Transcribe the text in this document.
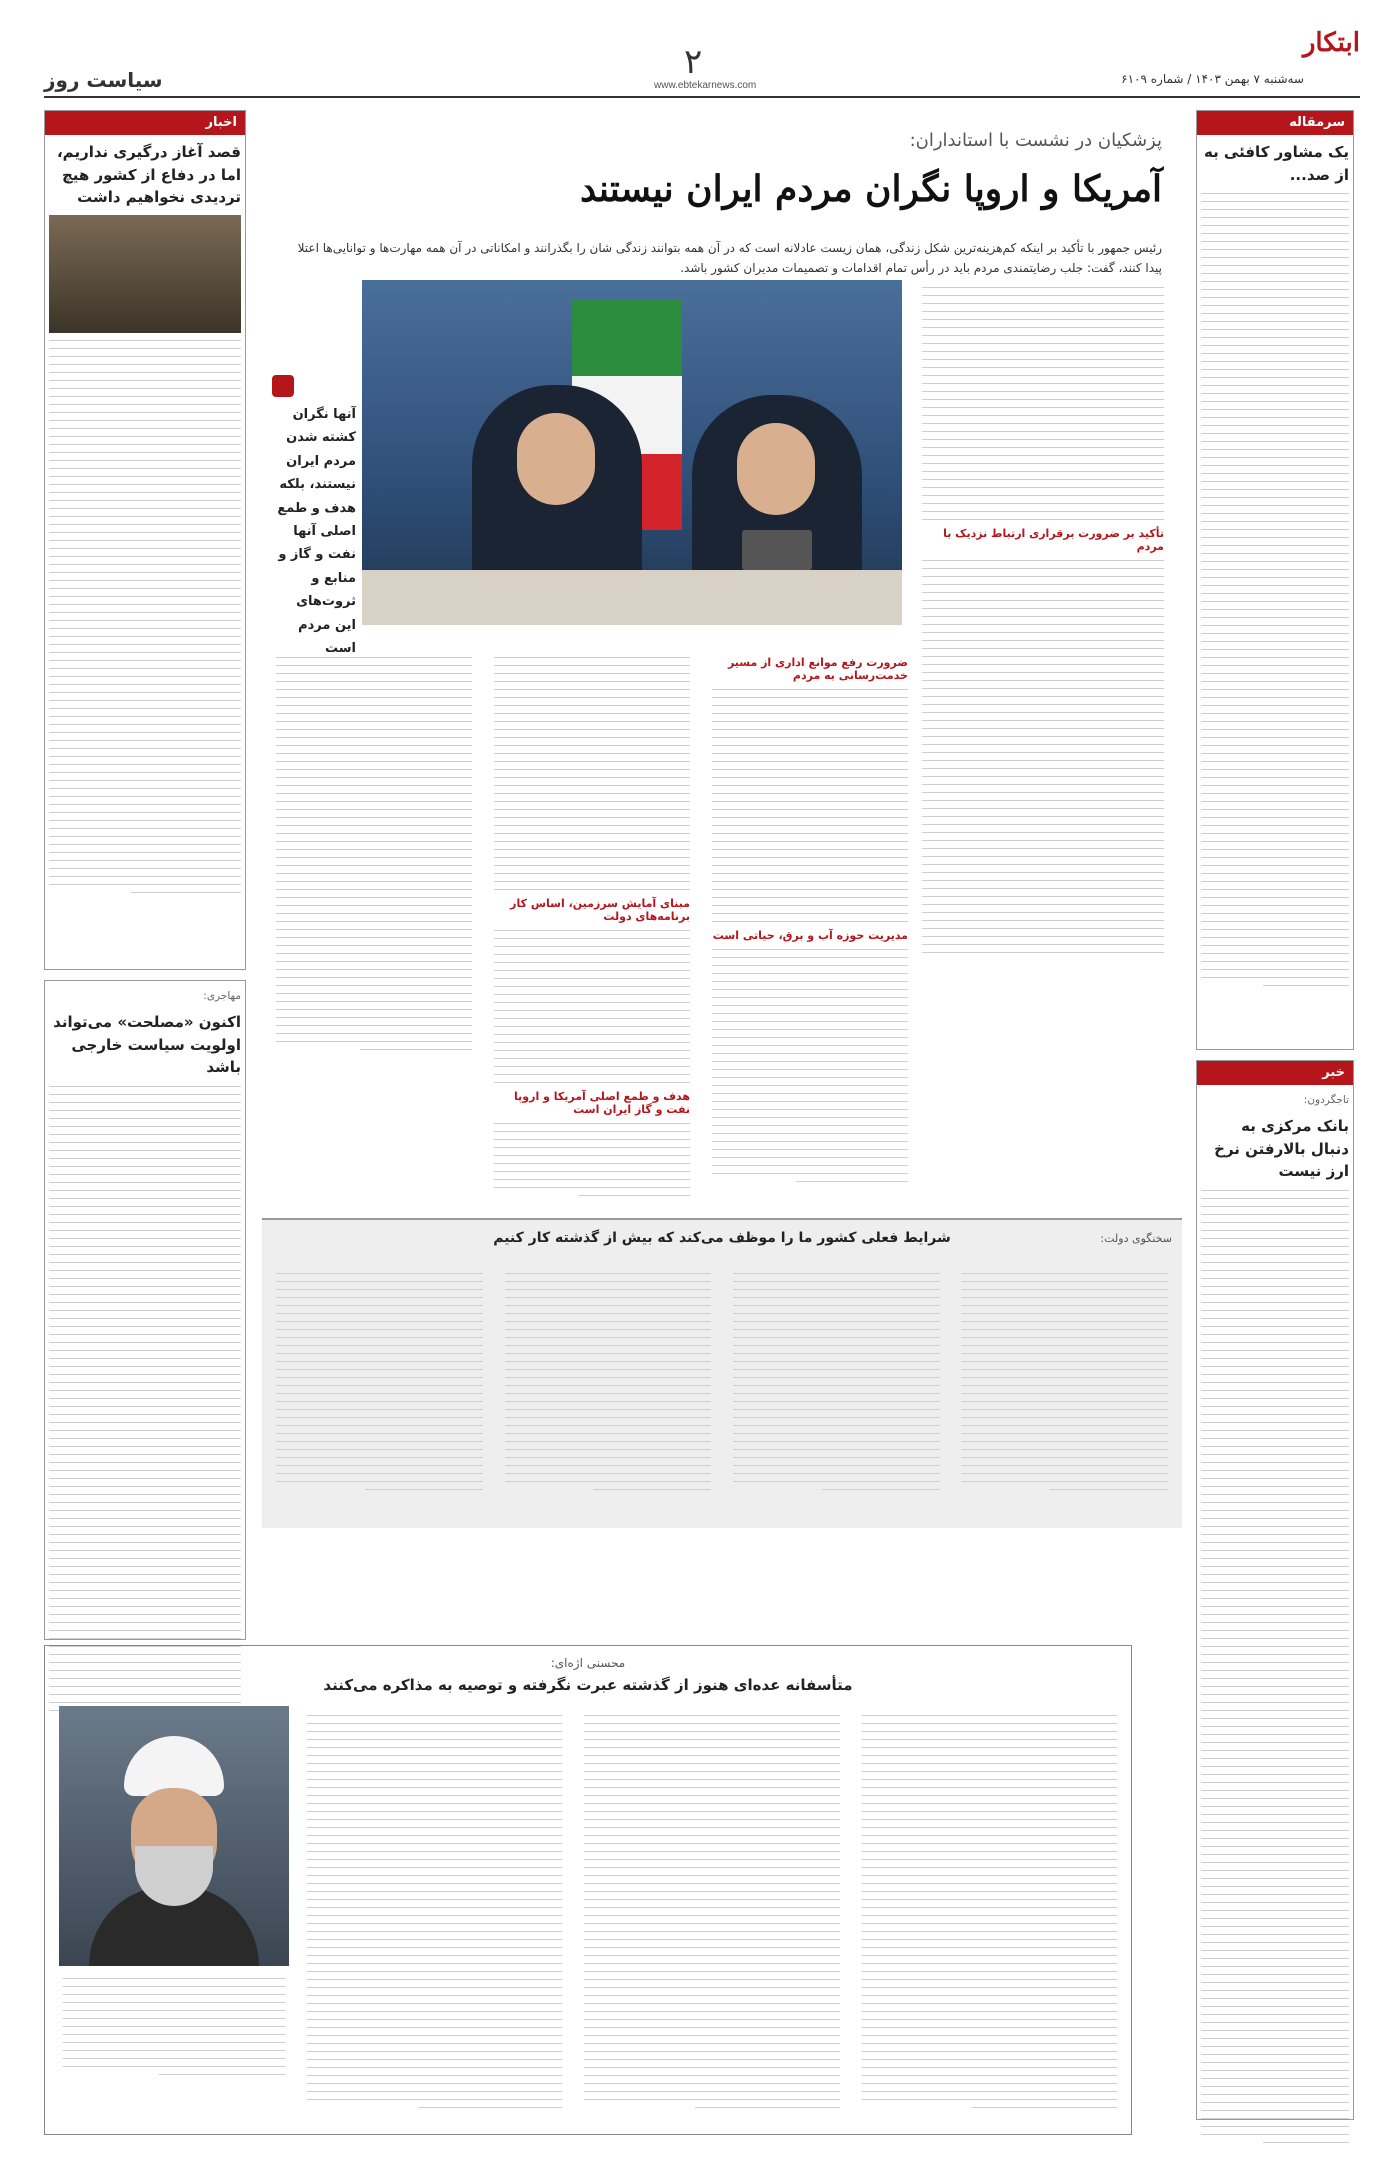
ابتکار
سه‌شنبه ۷ بهمن ۱۴۰۳ / شماره ۶۱۰۹
۲
www.ebtekarnews.com
سیاست روز
سرمقاله
یک مشاور کافئی به از صد...
خبر
تاجگردون:
بانک مرکزی به دنبال بالارفتن نرخ ارز نیست
اخبار
قصد آغاز درگیری نداریم، اما در دفاع از کشور هیچ تردیدی نخواهیم داشت
مهاجری:
اکنون «مصلحت» می‌تواند اولویت سیاست خارجی باشد
پزشکیان در نشست با استانداران:
آمریکا و اروپا نگران مردم ایران نیستند
رئیس جمهور با تأکید بر اینکه کم‌هزینه‌ترین شکل زندگی، همان زیست عادلانه است که در آن همه بتوانند زندگی شان را بگذرانند و امکاناتی در آن همه مهارت‌ها و توانایی‌ها اعتلا پیدا کنند، گفت: جلب رضایتمندی مردم باید در رأس تمام اقدامات و تصمیمات مدیران کشور باشد.
آنها نگران کشته شدن مردم ایران نیستند، بلکه هدف و طمع اصلی آنها نفت و گاز و منابع و ثروت‌های این مردم است
تأکید بر ضرورت برقراری ارتباط نزدیک با مردم
ضرورت رفع موانع اداری از مسیر خدمت‌رسانی به مردم
مدیریت حوزه آب و برق، حیاتی است
مبنای آمایش سرزمین، اساس کار برنامه‌های دولت
هدف و طمع اصلی آمریکا و اروپا نفت و گاز ایران است
سخنگوی دولت:
شرایط فعلی کشور ما را موظف می‌کند که بیش از گذشته کار کنیم
محسنی اژه‌ای:
متأسفانه عده‌ای هنوز از گذشته عبرت نگرفته و توصیه به مذاکره می‌کنند
